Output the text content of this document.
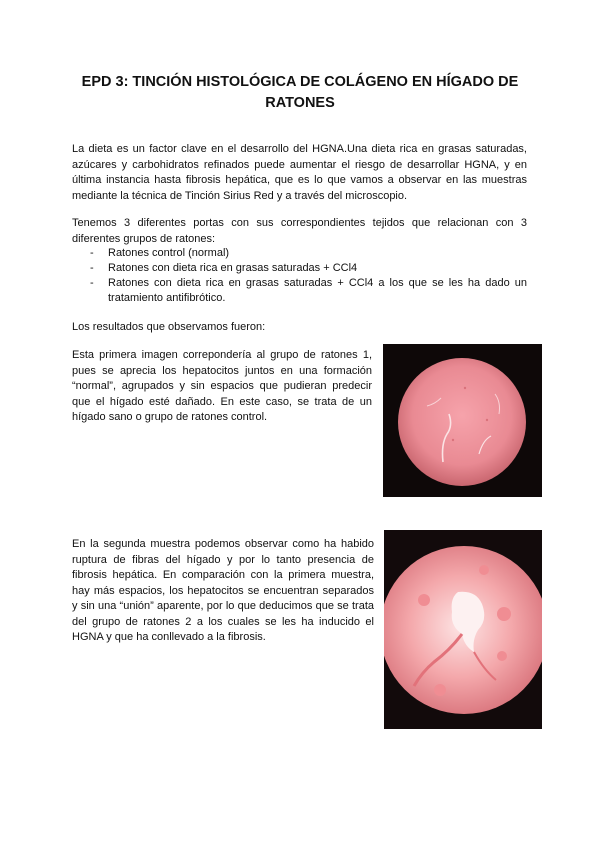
EPD 3: TINCIÓN HISTOLÓGICA DE COLÁGENO EN HÍGADO DE RATONES

La dieta es un factor clave en el desarrollo del HGNA.Una dieta rica en grasas saturadas, azúcares y carbohidratos refinados puede aumentar el riesgo de desarrollar HGNA, y en última instancia hasta fibrosis hepática, que es lo que vamos a observar en las muestras mediante la técnica de Tinción Sirius Red y a través del microscopio.

Tenemos 3 diferentes portas con sus correspondientes tejidos que relacionan con 3 diferentes grupos de ratones:

- Ratones control (normal)
- Ratones con dieta rica en grasas saturadas + CCl4
- Ratones con dieta rica en grasas saturadas + CCl4 a los que se les ha dado un tratamiento antifibrótico.

Los resultados que observamos fueron:

Esta primera imagen correpondería al grupo de ratones 1, pues se aprecia los hepatocitos juntos en una formación “normal”, agrupados y sin espacios que pudieran predecir que el hígado esté dañado. En este caso, se trata de un hígado sano o grupo de ratones control.

En la segunda muestra podemos observar como ha habido ruptura de fibras del hígado y por lo tanto presencia de fibrosis hepática. En comparación con la primera muestra, hay más espacios, los hepatocitos se encuentran separados y sin una “unión” aparente, por lo que deducimos que se trata del grupo de ratones 2 a los cuales se les ha inducido el HGNA y que ha conllevado a la fibrosis.
